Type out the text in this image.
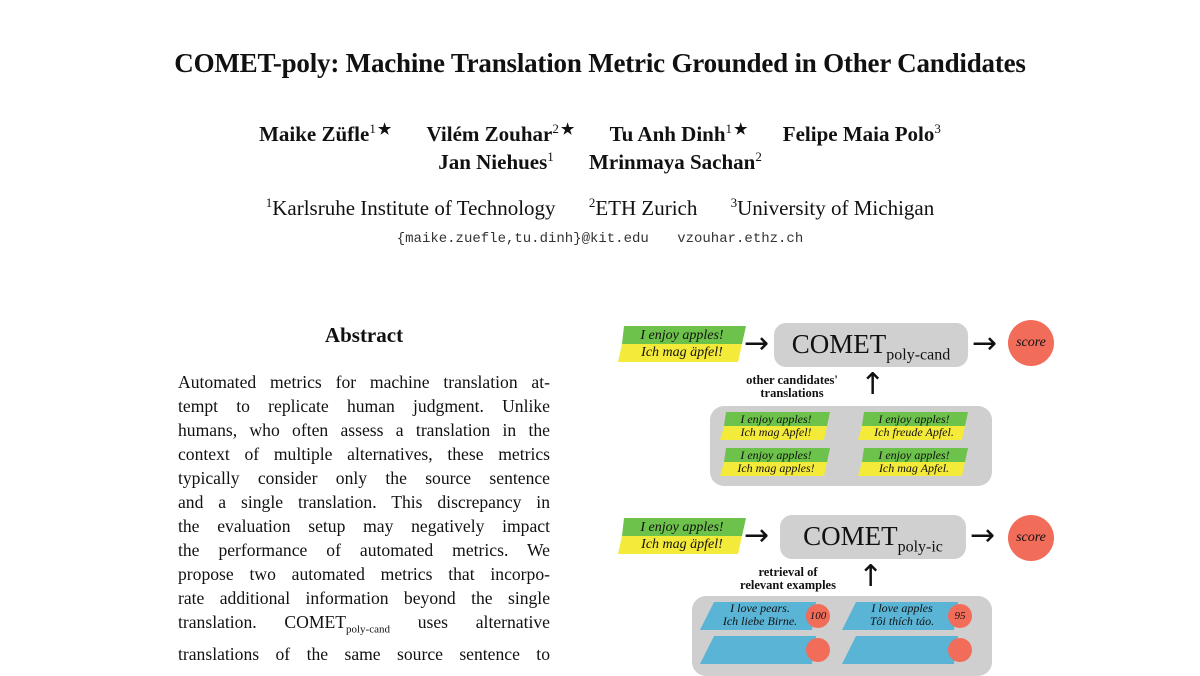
COMET-poly: Machine Translation Metric Grounded in Other Candidates
Maike Züfle$^1$ ★ Vilém Zouhar$^2$ ★ Tu Anh Dinh$^1$ ★ Felipe Maia Polo$^3$
Jan Niehues$^1$ Mrinmaya Sachan$^2$
$^1$Karlsruhe Institute of Technology	$^2$ETH Zurich	$^3$University of Michigan
{maike.zuefle,tu.dinh}@kit.edu vzouhar.ethz.ch
Abstract
Automated metrics for machine translation at-
tempt to replicate human judgment. Unlike
humans, who often assess a translation in the
context of multiple alternatives, these metrics
typically consider only the source sentence
and a single translation. This discrepancy in
the evaluation setup may negatively impact
the performance of automated metrics. We
propose two automated metrics that incorpo-
rate additional information beyond the single
translation. $COMET_{poly-cand}$ uses alternative
translations of the same source sentence to
I enjoy apples!
Ich mag äpfel! → $COMET_{poly-cand}$ →	score
other candidates'
translations	↑
I enjoy apples!
Ich mag Apfel!
I enjoy apples!
Ich freude Apfel.
I enjoy apples!
Ich mag apples!
I enjoy apples!
Ich mag Apfel.
I enjoy apples!
Ich mag äpfel! →	$COMET_{poly-ic}$ →	score
retrieval of
relevant examples ↑
I love pears.
Ich liebe Birne.	100
I love apples
Tôi thích táo.	95
